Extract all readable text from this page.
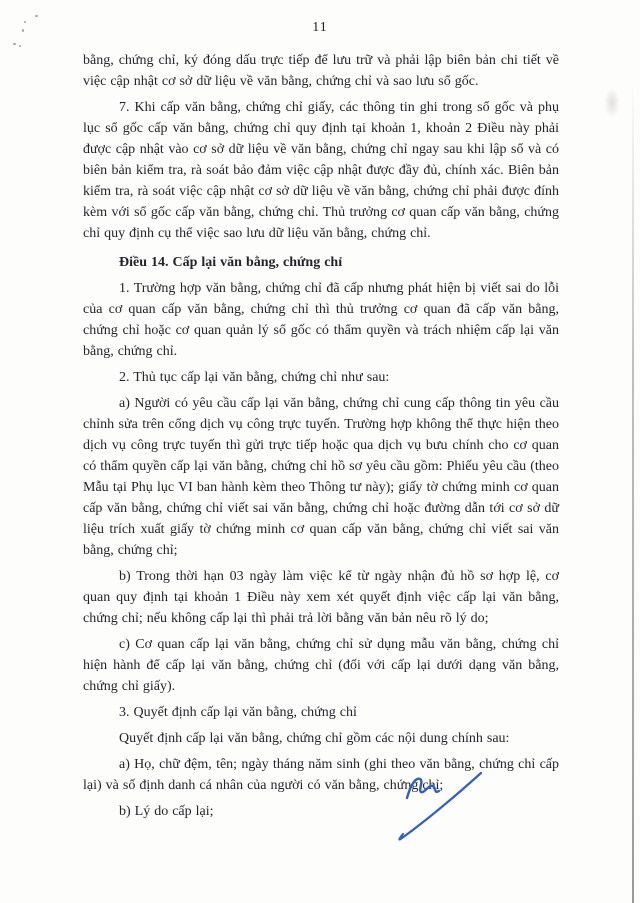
11

bằng, chứng chỉ, ký đóng dấu trực tiếp để lưu trữ và phải lập biên bản chi tiết về việc cập nhật cơ sở dữ liệu về văn bằng, chứng chỉ và sao lưu sổ gốc.

7. Khi cấp văn bằng, chứng chỉ giấy, các thông tin ghi trong sổ gốc và phụ lục sổ gốc cấp văn bằng, chứng chỉ quy định tại khoản 1, khoản 2 Điều này phải được cập nhật vào cơ sở dữ liệu về văn bằng, chứng chỉ ngay sau khi lập sổ và có biên bản kiểm tra, rà soát bảo đảm việc cập nhật được đầy đủ, chính xác. Biên bản kiểm tra, rà soát việc cập nhật cơ sở dữ liệu về văn bằng, chứng chỉ phải được đính kèm với sổ gốc cấp văn bằng, chứng chỉ. Thủ trưởng cơ quan cấp văn bằng, chứng chỉ quy định cụ thể việc sao lưu dữ liệu văn bằng, chứng chỉ.

Điều 14. Cấp lại văn bằng, chứng chỉ

1. Trường hợp văn bằng, chứng chỉ đã cấp nhưng phát hiện bị viết sai do lỗi của cơ quan cấp văn bằng, chứng chỉ thì thủ trưởng cơ quan đã cấp văn bằng, chứng chỉ hoặc cơ quan quản lý sổ gốc có thẩm quyền và trách nhiệm cấp lại văn bằng, chứng chỉ.

2. Thủ tục cấp lại văn bằng, chứng chỉ như sau:

a) Người có yêu cầu cấp lại văn bằng, chứng chỉ cung cấp thông tin yêu cầu chỉnh sửa trên cổng dịch vụ công trực tuyến. Trường hợp không thể thực hiện theo dịch vụ công trực tuyến thì gửi trực tiếp hoặc qua dịch vụ bưu chính cho cơ quan có thẩm quyền cấp lại văn bằng, chứng chỉ hồ sơ yêu cầu gồm: Phiếu yêu cầu (theo Mẫu tại Phụ lục VI ban hành kèm theo Thông tư này); giấy tờ chứng minh cơ quan cấp văn bằng, chứng chỉ viết sai văn bằng, chứng chỉ hoặc đường dẫn tới cơ sở dữ liệu trích xuất giấy tờ chứng minh cơ quan cấp văn bằng, chứng chỉ viết sai văn bằng, chứng chỉ;

b) Trong thời hạn 03 ngày làm việc kể từ ngày nhận đủ hồ sơ hợp lệ, cơ quan quy định tại khoản 1 Điều này xem xét quyết định việc cấp lại văn bằng, chứng chỉ; nếu không cấp lại thì phải trả lời bằng văn bản nêu rõ lý do;

c) Cơ quan cấp lại văn bằng, chứng chỉ sử dụng mẫu văn bằng, chứng chỉ hiện hành để cấp lại văn bằng, chứng chỉ (đối với cấp lại dưới dạng văn bằng, chứng chỉ giấy).

3. Quyết định cấp lại văn bằng, chứng chỉ

Quyết định cấp lại văn bằng, chứng chỉ gồm các nội dung chính sau:

a) Họ, chữ đệm, tên; ngày tháng năm sinh (ghi theo văn bằng, chứng chỉ cấp lại) và số định danh cá nhân của người có văn bằng, chứng chỉ;

b) Lý do cấp lại;
